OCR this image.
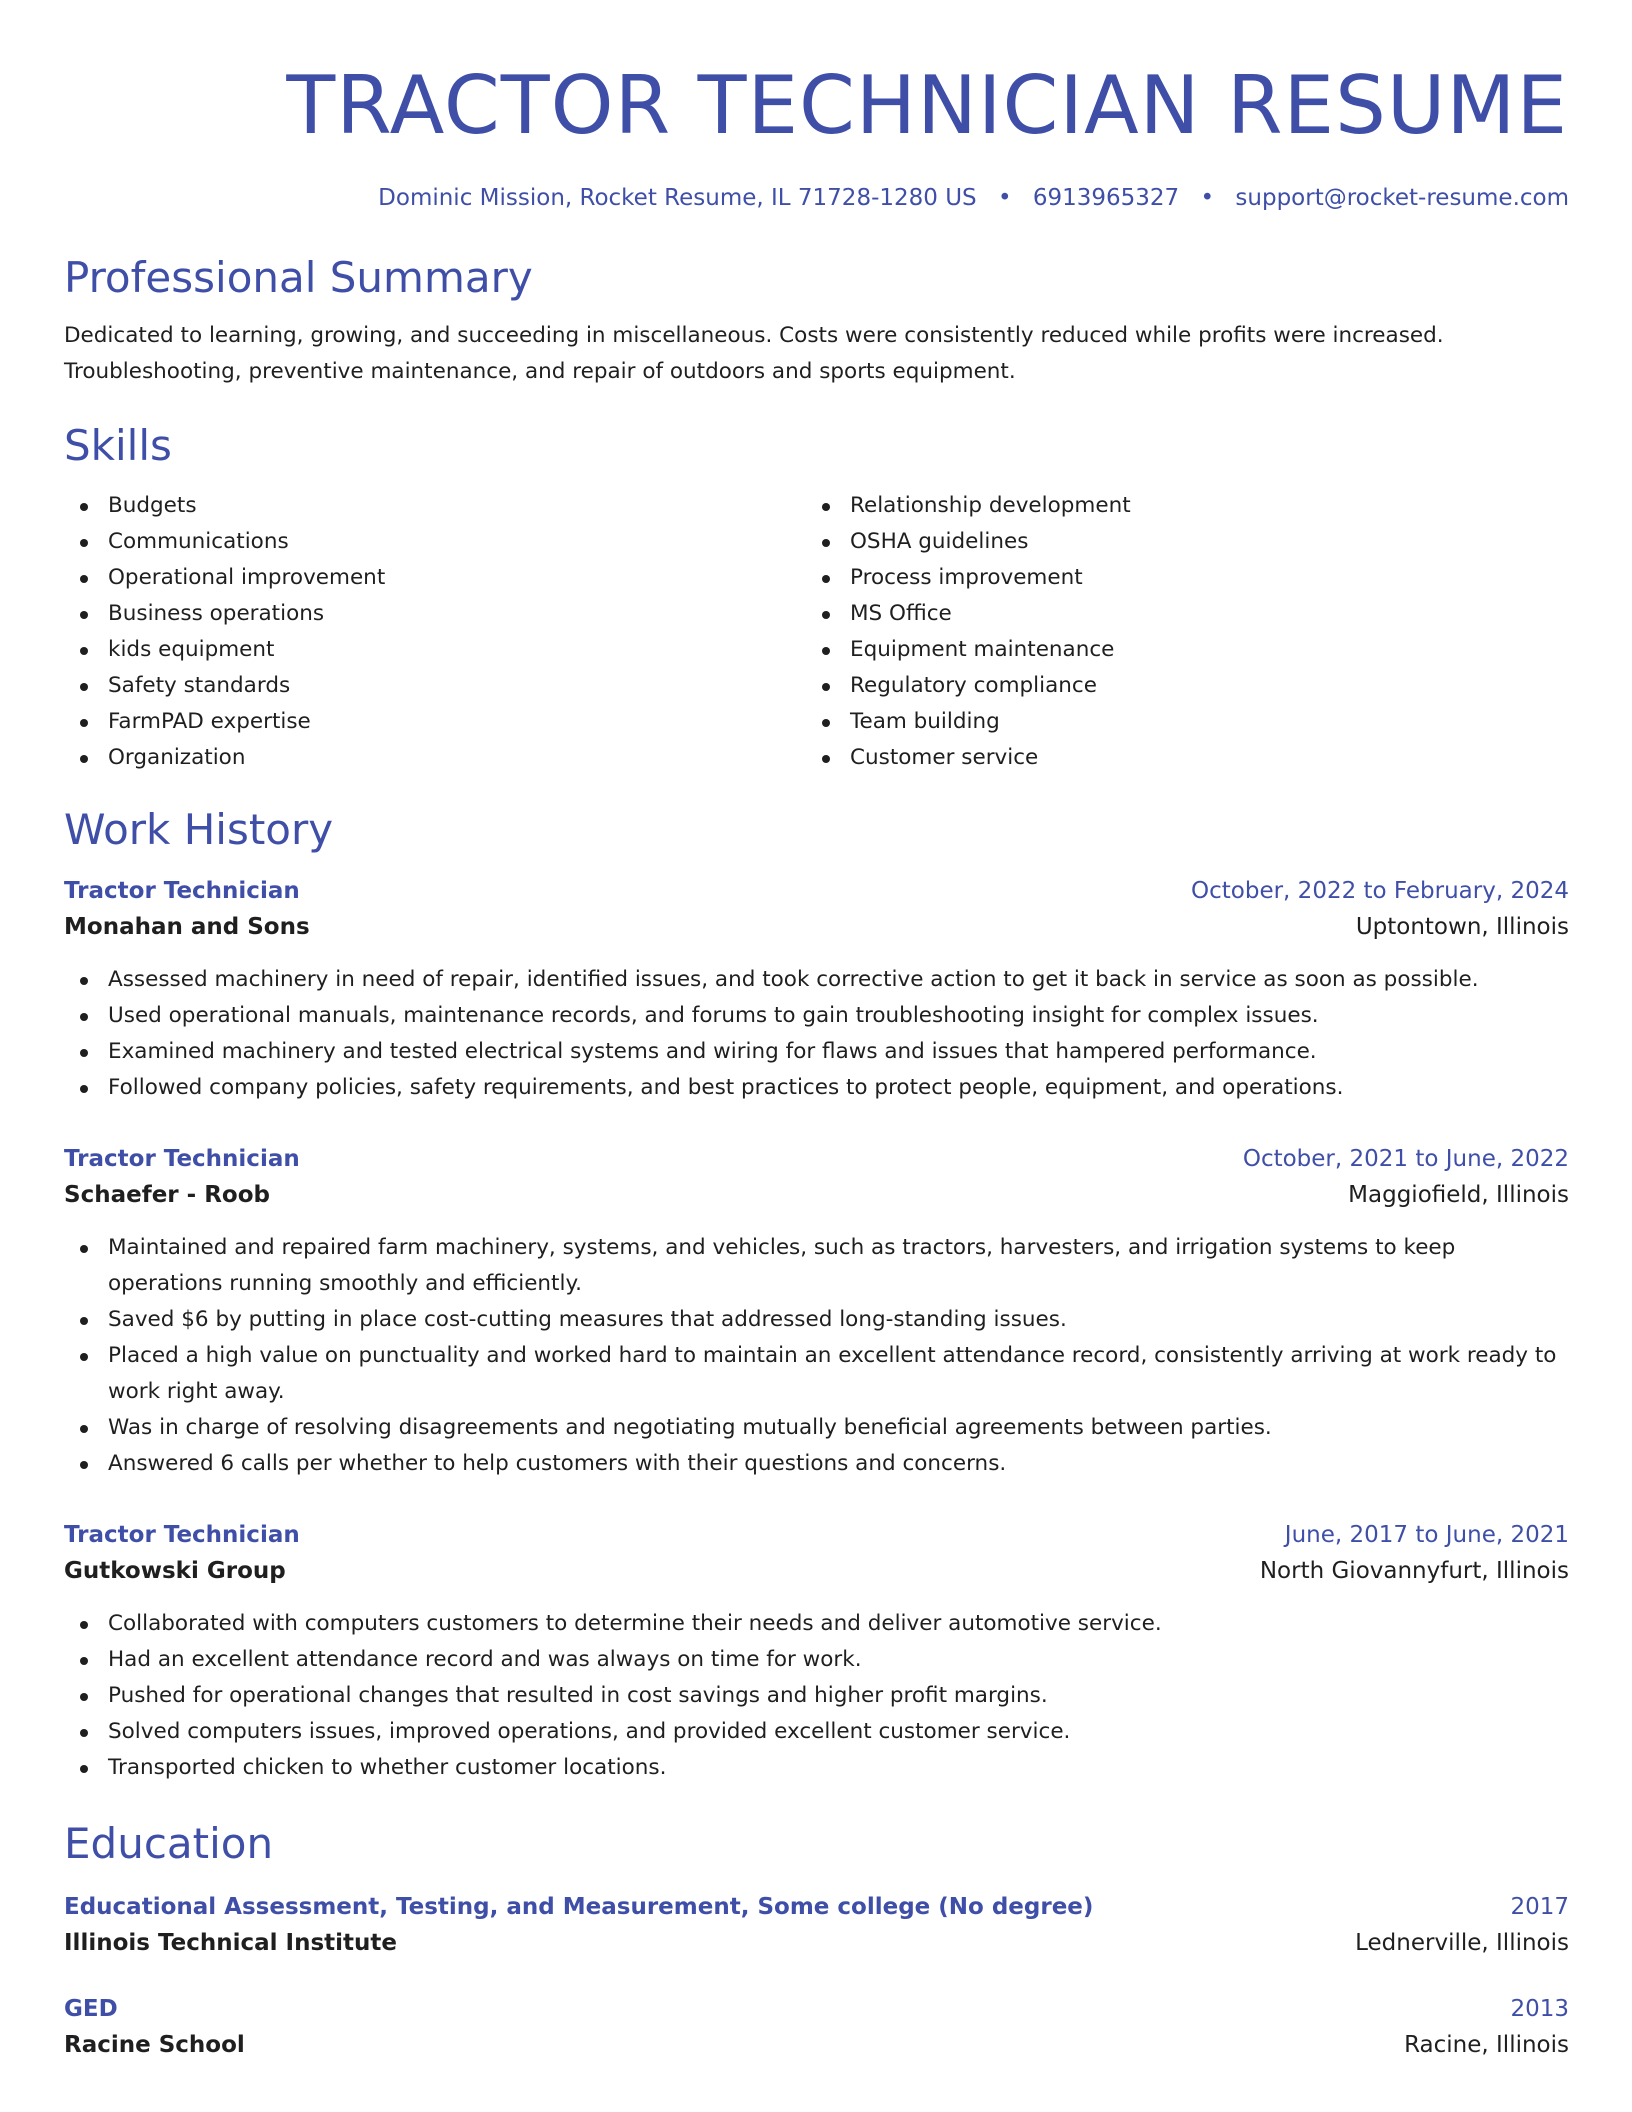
TRACTOR TECHNICIAN RESUME
Dominic Mission, Rocket Resume, IL 71728-1280 US • 6913965327 • support@rocket-resume.com
Professional Summary

Dedicated to learning, growing, and succeeding in miscellaneous. Costs were consistently reduced while profits were increased. Troubleshooting, preventive maintenance, and repair of outdoors and sports equipment.

Skills
Budgets
Communications
Operational improvement
Business operations
kids equipment
Safety standards
FarmPAD expertise
Organization
Relationship development
OSHA guidelines
Process improvement
MS Office
Equipment maintenance
Regulatory compliance
Team building
Customer service
Work History
Tractor Technician	October, 2022 to February, 2024
Monahan and Sons	Uptontown, Illinois
Assessed machinery in need of repair, identified issues, and took corrective action to get it back in service as soon as possible.
Used operational manuals, maintenance records, and forums to gain troubleshooting insight for complex issues.
Examined machinery and tested electrical systems and wiring for flaws and issues that hampered performance.
Followed company policies, safety requirements, and best practices to protect people, equipment, and operations.
Tractor Technician	October, 2021 to June, 2022
Schaefer - Roob	Maggiofield, Illinois
Maintained and repaired farm machinery, systems, and vehicles, such as tractors, harvesters, and irrigation systems to keep operations running smoothly and efficiently.
Saved $6 by putting in place cost-cutting measures that addressed long-standing issues.
Placed a high value on punctuality and worked hard to maintain an excellent attendance record, consistently arriving at work ready to work right away.
Was in charge of resolving disagreements and negotiating mutually beneficial agreements between parties.
Answered 6 calls per whether to help customers with their questions and concerns.
Tractor Technician	June, 2017 to June, 2021
Gutkowski Group	North Giovannyfurt, Illinois
Collaborated with computers customers to determine their needs and deliver automotive service.
Had an excellent attendance record and was always on time for work.
Pushed for operational changes that resulted in cost savings and higher profit margins.
Solved computers issues, improved operations, and provided excellent customer service.
Transported chicken to whether customer locations.
Education
Educational Assessment, Testing, and Measurement, Some college (No degree)	2017
Illinois Technical Institute	Lednerville, Illinois
GED	2013
Racine School	Racine, Illinois
